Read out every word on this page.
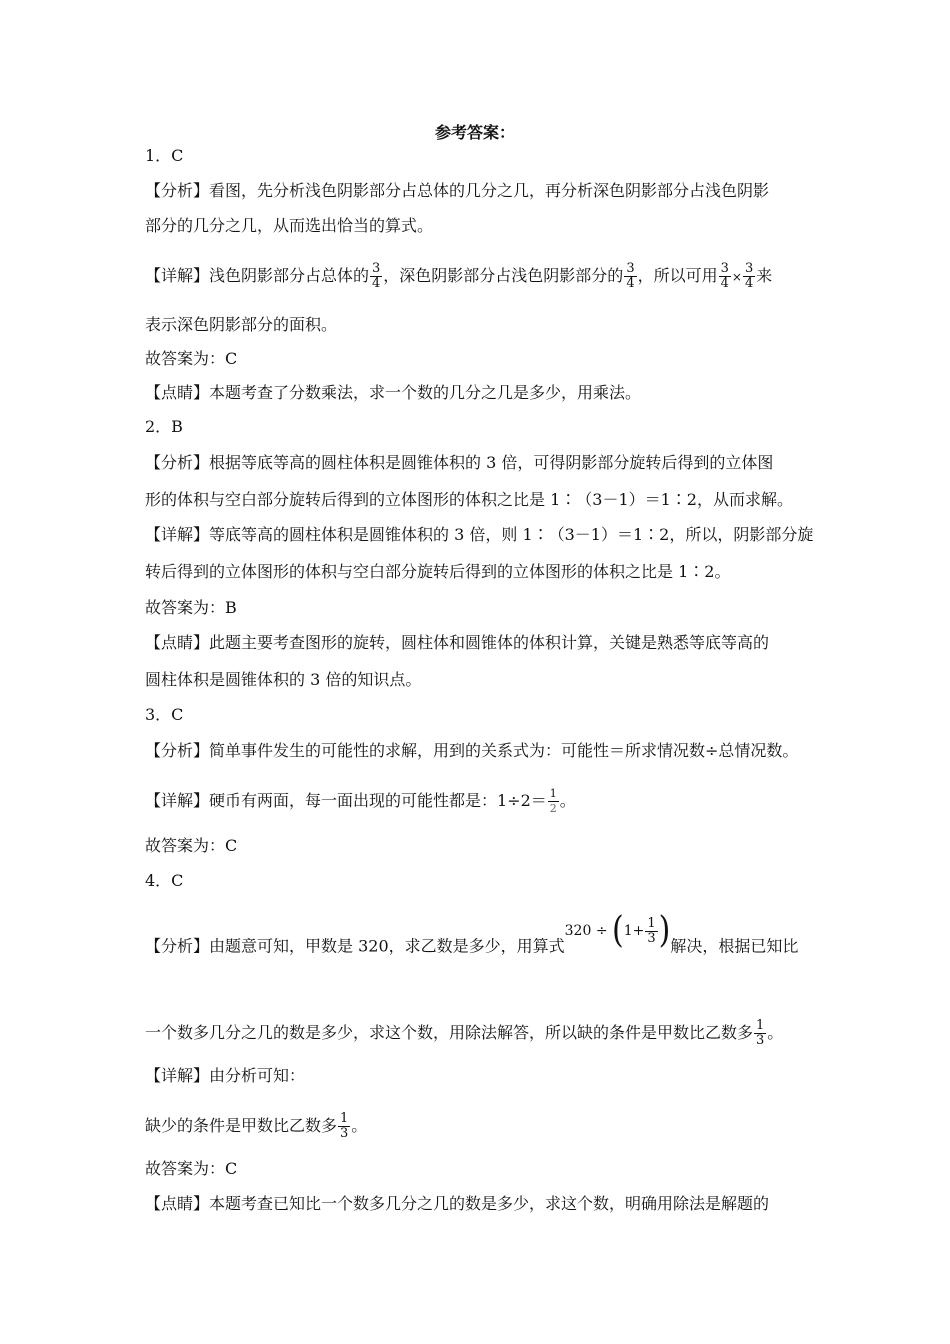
参考答案：
1．C
【分析】看图，先分析浅色阴影部分占总体的几分之几，再分析深色阴影部分占浅色阴影
部分的几分之几，从而选出恰当的算式。
【详解】浅色阴影部分占总体的 $\frac{3}{4}$ ，深色阴影部分占浅色阴影部分的 $\frac{3}{4}$ ，所以可用 $\frac{3}{4} \times \frac{3}{4}$ 来
表示深色阴影部分的面积。
故答案为：C
【点睛】本题考查了分数乘法，求一个数的几分之几是多少，用乘法。
2．B
【分析】根据等底等高的圆柱体积是圆锥体积的 3 倍，可得阴影部分旋转后得到的立体图
形的体积与空白部分旋转后得到的立体图形的体积之比是 1∶（3－1）＝1∶2，从而求解。
【详解】等底等高的圆柱体积是圆锥体积的 3 倍，则 1∶（3－1）＝1∶2，所以，阴影部分旋
转后得到的立体图形的体积与空白部分旋转后得到的立体图形的体积之比是 1∶2。
故答案为：B
【点睛】此题主要考查图形的旋转，圆柱体和圆锥体的体积计算，关键是熟悉等底等高的
圆柱体积是圆锥体积的 3 倍的知识点。
3．C
【分析】简单事件发生的可能性的求解，用到的关系式为：可能性＝所求情况数÷总情况数。
【详解】硬币有两面，每一面出现的可能性都是：$1\div 2= \frac{1}{2}$ 。
故答案为：C
4．C
【分析】由题意可知，甲数是 320，求乙数是多少，用算式$320 \div (1+ \frac{1}{3}$ )解决，根据已知比
一个数多几分之几的数是多少，求这个数，用除法解答，所以缺的条件是甲数比乙数多 $\frac{1}{3}$ 。
【详解】由分析可知：
缺少的条件是甲数比乙数多 $\frac{1}{3}$ 。
故答案为：C
【点睛】本题考查已知比一个数多几分之几的数是多少，求这个数，明确用除法是解题的
